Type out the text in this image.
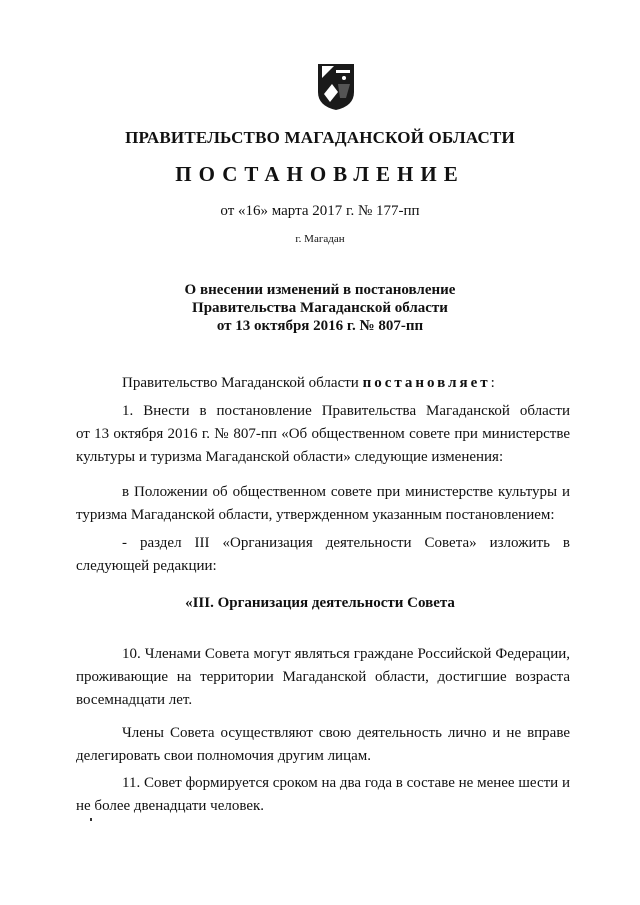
ПРАВИТЕЛЬСТВО МАГАДАНСКОЙ ОБЛАСТИ
ПОСТАНОВЛЕНИЕ
от «16» марта 2017 г. № 177-пп
г. Магадан
О внесении изменений в постановление
Правительства Магаданской области
от 13 октября 2016 г. № 807-пп
Правительство Магаданской области постановляет:
1. Внести в постановление Правительства Магаданской области
от 13 октября 2016 г. № 807-пп «Об общественном совете при министерстве
культуры и туризма Магаданской области» следующие изменения:
в Положении об общественном совете при министерстве культуры и
туризма Магаданской области, утвержденном указанным постановлением:
- раздел III «Организация деятельности Совета» изложить в
следующей редакции:
«III. Организация деятельности Совета
10. Членами Совета могут являться граждане Российской Федерации,
проживающие на территории Магаданской области, достигшие возраста
восемнадцати лет.
Члены Совета осуществляют свою деятельность лично и не вправе
делегировать свои полномочия другим лицам.
11. Совет формируется сроком на два года в составе не менее шести и
не более двенадцати человек.
